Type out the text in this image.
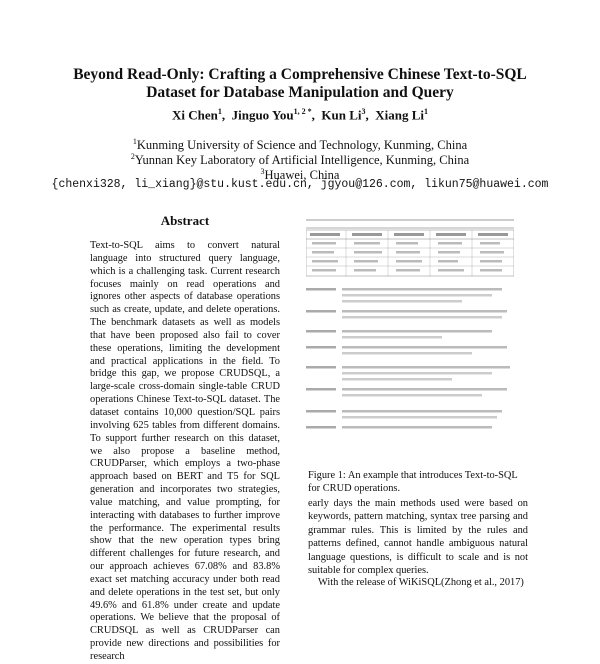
Beyond Read-Only: Crafting a Comprehensive Chinese Text-to-SQL
Dataset for Database Manipulation and Query
Xi Chen$^1$,  Jinguo You$^{1, 2 *}$,  Kun Li$^3$,  Xiang Li$^1$
$^1$Kunming University of Science and Technology, Kunming, China
$^2$Yunnan Key Laboratory of Artificial Intelligence, Kunming, China
$^3$Huawei, China
{chenxi328, li_xiang}@stu.kust.edu.cn, jgyou@126.com, likun75@huawei.com
Abstract
Text-to-SQL aims to convert natural language into structured query language, which is a challenging task. Current research focuses mainly on read operations and ignores other aspects of database operations such as create, update, and delete operations. The benchmark datasets as well as models that have been proposed also fail to cover these operations, limiting the development and practical applications in the field. To bridge this gap, we propose CRUDSQL, a large-scale cross-domain single-table CRUD operations Chinese Text-to-SQL dataset. The dataset contains 10,000 question/SQL pairs involving 625 tables from different domains. To support further research on this dataset, we also propose a baseline method, CRUDParser, which employs a two-phase approach based on BERT and T5 for SQL generation and incorporates two strategies, value matching, and value prompting, for interacting with databases to further improve the performance. The experimental results show that the new operation types bring different challenges for future research, and our approach achieves 67.08% and 83.8% exact set matching accuracy under both read and delete operations in the test set, but only 49.6% and 61.8% under create and update operations. We believe that the proposal of CRUDSQL as well as CRUDParser can provide new directions and possibilities for research
Figure 1: An example that introduces Text-to-SQL for CRUD operations.
early days the main methods used were based on keywords, pattern matching, syntax tree parsing and grammar rules. This is limited by the rules and patterns defined, cannot handle ambiguous natural language questions, is difficult to scale and is not suitable for complex queries.
With the release of WiKiSQL(Zhong et al., 2017)
